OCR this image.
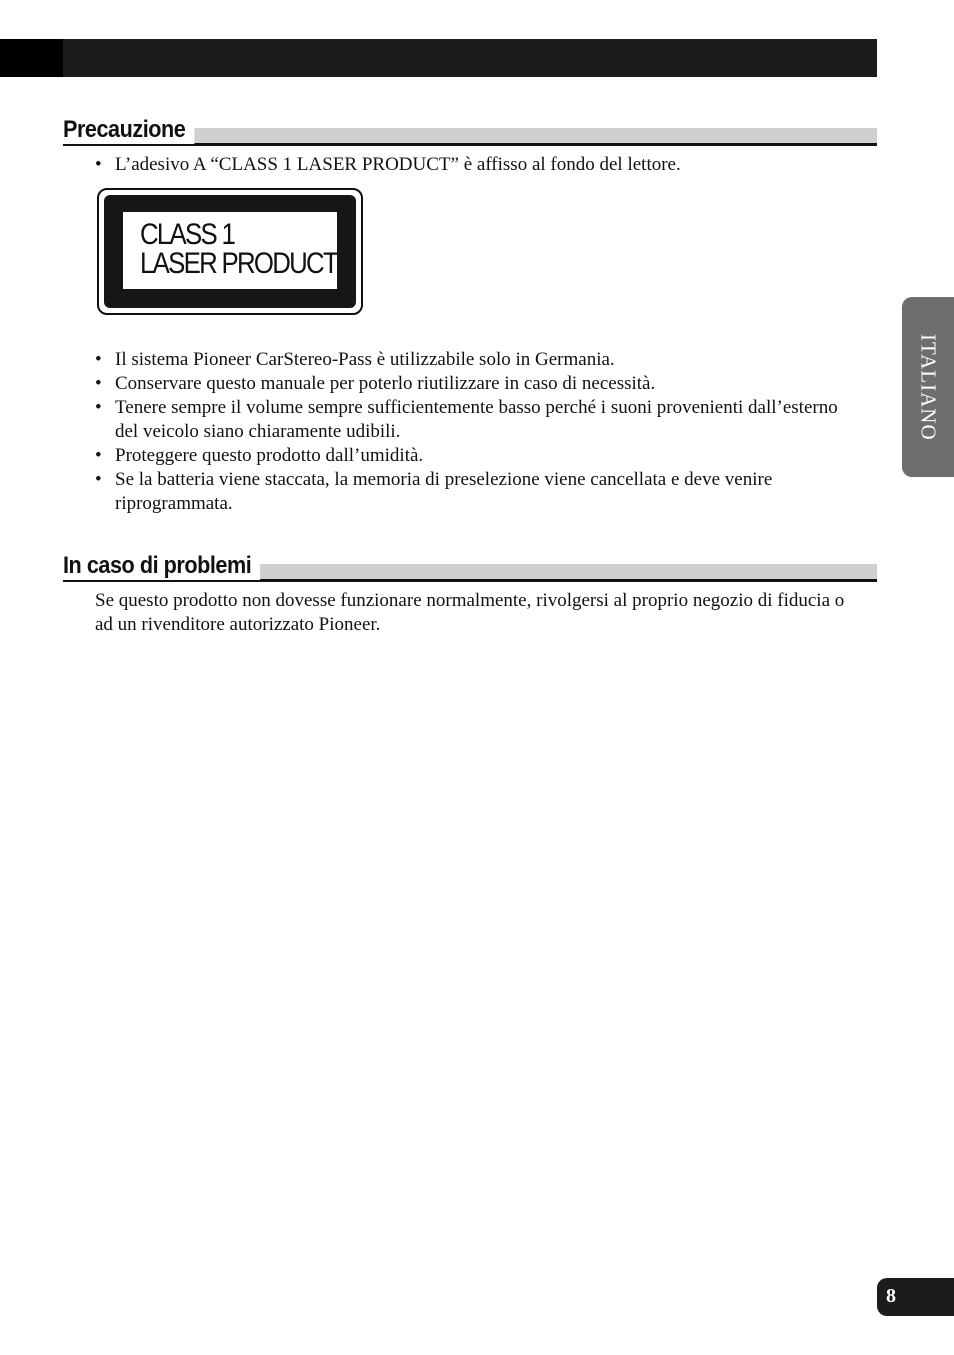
Precauzione
• L’adesivo A “CLASS 1 LASER PRODUCT” è affisso al fondo del lettore.
CLASS 1
LASER PRODUCT
• Il sistema Pioneer CarStereo-Pass è utilizzabile solo in Germania.
• Conservare questo manuale per poterlo riutilizzare in caso di necessità.
• Tenere sempre il volume sempre sufficientemente basso perché i suoni provenienti dall’esterno del veicolo siano chiaramente udibili.
• Proteggere questo prodotto dall’umidità.
• Se la batteria viene staccata, la memoria di preselezione viene cancellata e deve venire riprogrammata.
In caso di problemi

Se questo prodotto non dovesse funzionare normalmente, rivolgersi al proprio negozio di fiducia o ad un rivenditore autorizzato Pioneer.

ITALIANO
8
